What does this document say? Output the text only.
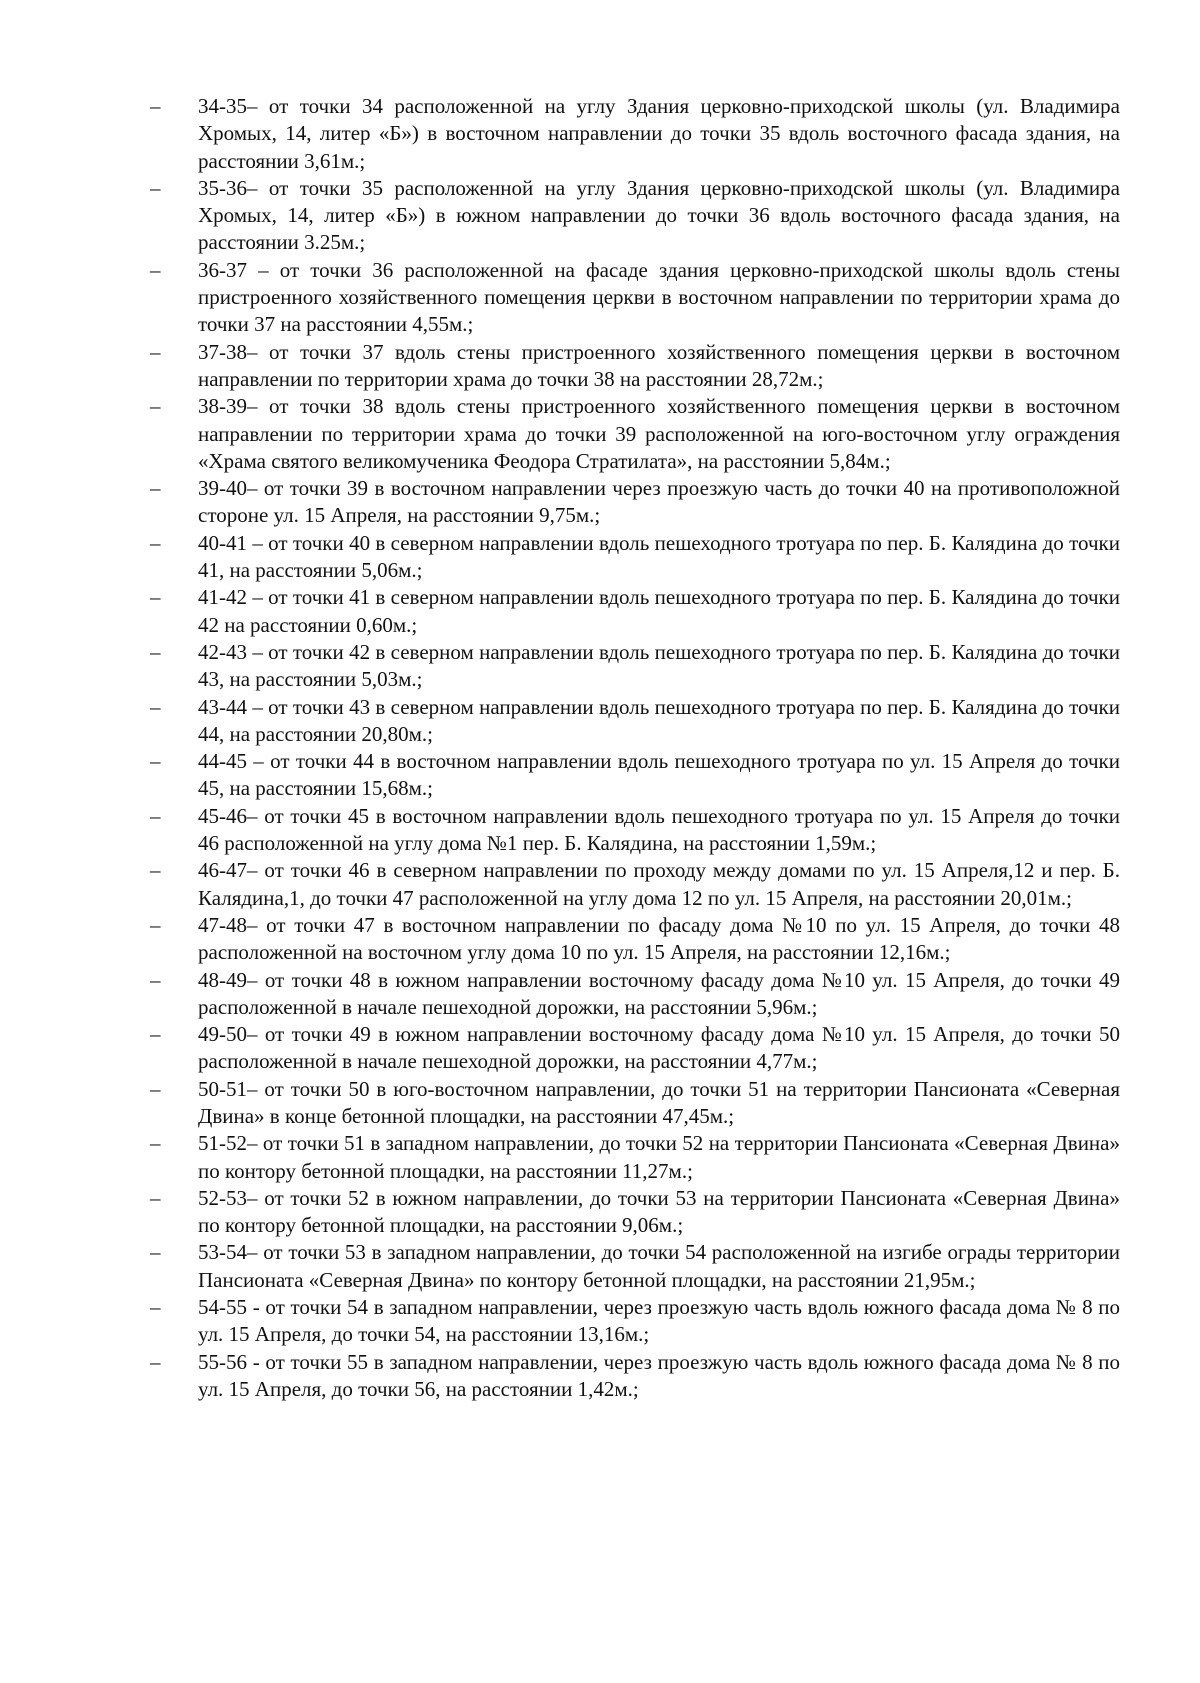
–	34-35– от точки 34 расположенной на углу Здания церковно-приходской школы (ул. Владимира Хромых, 14, литер «Б») в восточном направлении до точки 35 вдоль восточного фасада здания, на расстоянии 3,61м.;
–	35-36– от точки 35 расположенной на углу Здания церковно-приходской школы (ул. Владимира Хромых, 14, литер «Б») в южном направлении до точки 36 вдоль восточного фасада здания, на расстоянии 3.25м.;
–	36-37 – от точки 36 расположенной на фасаде здания церковно-приходской школы вдоль стены пристроенного хозяйственного помещения церкви в восточном направлении по территории храма до точки 37 на расстоянии 4,55м.;
–	37-38– от точки 37 вдоль стены пристроенного хозяйственного помещения церкви в восточном направлении по территории храма до точки 38 на расстоянии 28,72м.;
–	38-39– от точки 38 вдоль стены пристроенного хозяйственного помещения церкви в восточном направлении по территории храма до точки 39 расположенной на юго-восточном углу ограждения «Храма святого великомученика Феодора Стратилата», на расстоянии 5,84м.;
–	39-40– от точки 39 в восточном направлении через проезжую часть до точки 40 на противоположной стороне ул. 15 Апреля, на расстоянии 9,75м.;
–	40-41 – от точки 40 в северном направлении вдоль пешеходного тротуара по пер. Б. Калядина до точки 41, на расстоянии 5,06м.;
–	41-42 – от точки 41 в северном направлении вдоль пешеходного тротуара по пер. Б. Калядина до точки 42 на расстоянии 0,60м.;
–	42-43 – от точки 42 в северном направлении вдоль пешеходного тротуара по пер. Б. Калядина до точки 43, на расстоянии 5,03м.;
–	43-44 – от точки 43 в северном направлении вдоль пешеходного тротуара по пер. Б. Калядина до точки 44, на расстоянии 20,80м.;
–	44-45 – от точки 44 в восточном направлении вдоль пешеходного тротуара по ул. 15 Апреля до точки 45, на расстоянии 15,68м.;
–	45-46– от точки 45 в восточном направлении вдоль пешеходного тротуара по ул. 15 Апреля до точки 46 расположенной на углу дома №1 пер. Б. Калядина, на расстоянии 1,59м.;
–	46-47– от точки 46 в северном направлении по проходу между домами по ул. 15 Апреля,12 и пер. Б. Калядина,1, до точки 47 расположенной на углу дома 12 по ул. 15 Апреля, на расстоянии 20,01м.;
–	47-48– от точки 47 в восточном направлении по фасаду дома №10 по ул. 15 Апреля, до точки 48 расположенной на восточном углу дома 10 по ул. 15 Апреля, на расстоянии 12,16м.;
–	48-49– от точки 48 в южном направлении восточному фасаду дома №10 ул. 15 Апреля, до точки 49 расположенной в начале пешеходной дорожки, на расстоянии 5,96м.;
–	49-50– от точки 49 в южном направлении восточному фасаду дома №10 ул. 15 Апреля, до точки 50 расположенной в начале пешеходной дорожки, на расстоянии 4,77м.;
–	50-51– от точки 50 в юго-восточном направлении, до точки 51 на территории Пансионата «Северная Двина» в конце бетонной площадки, на расстоянии 47,45м.;
–	51-52– от точки 51 в западном направлении, до точки 52 на территории Пансионата «Северная Двина» по контору бетонной площадки, на расстоянии 11,27м.;
–	52-53– от точки 52 в южном направлении, до точки 53 на территории Пансионата «Северная Двина» по контору бетонной площадки, на расстоянии 9,06м.;
–	53-54– от точки 53 в западном направлении, до точки 54 расположенной на изгибе ограды территории Пансионата «Северная Двина» по контору бетонной площадки, на расстоянии 21,95м.;
–	54-55 - от точки 54 в западном направлении, через проезжую часть вдоль южного фасада дома № 8 по ул. 15 Апреля, до точки 54, на расстоянии 13,16м.;
–	55-56 - от точки 55 в западном направлении, через проезжую часть вдоль южного фасада дома № 8 по ул. 15 Апреля, до точки 56, на расстоянии 1,42м.;
